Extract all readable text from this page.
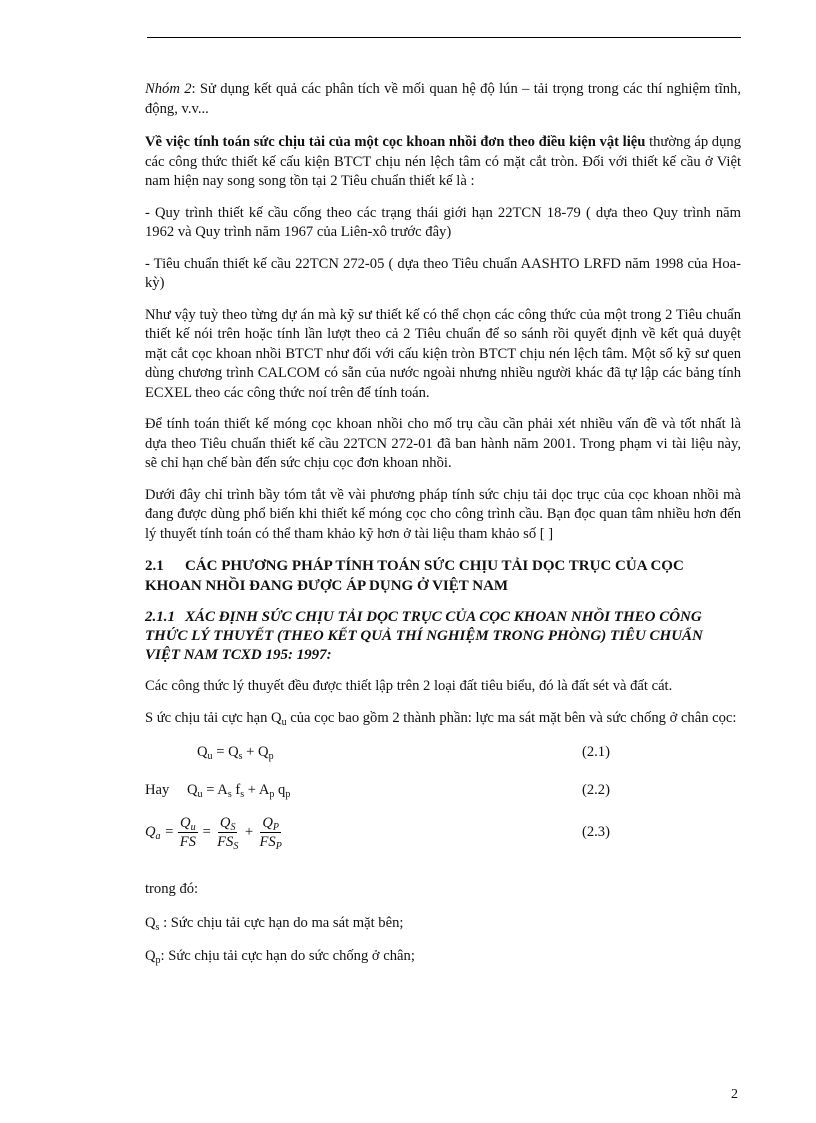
Nhóm 2: Sử dụng kết quả các phân tích về mối quan hệ độ lún – tải trọng trong các thí nghiệm tĩnh, động, v.v...

Về việc tính toán sức chịu tải của một cọc khoan nhồi đơn theo điều kiện vật liệu thường áp dụng các công thức thiết kế cấu kiện BTCT chịu nén lệch tâm có mặt cắt tròn. Đối với thiết kế cầu ở Việt nam hiện nay song song tồn tại 2 Tiêu chuẩn thiết kế là :

- Quy trình thiết kế cầu cống theo các trạng thái giới hạn 22TCN 18-79 ( dựa theo Quy trình năm 1962 và Quy trình năm 1967 của Liên-xô trước đây)

- Tiêu chuẩn thiết kế cầu 22TCN 272-05 ( dựa theo Tiêu chuẩn AASHTO LRFD năm 1998 của Hoa-kỳ)

Như vậy tuỳ theo từng dự án mà kỹ sư thiết kế có thể chọn các công thức của một trong 2 Tiêu chuẩn thiết kế nói trên hoặc tính lần lượt theo cả 2 Tiêu chuẩn để so sánh rồi quyết định về kết quả duyệt mặt cắt cọc khoan nhồi BTCT như đối với cấu kiện tròn BTCT chịu nén lệch tâm. Một số kỹ sư quen dùng chương trình CALCOM có sẵn của nước ngoài nhưng nhiều người khác đã tự lập các bảng tính ECXEL theo các công thức noí trên để tính toán.

Để tính toán thiết kế móng cọc khoan nhồi cho mố trụ cầu cần phải xét nhiều vấn đề và tốt nhất là dựa theo Tiêu chuẩn thiết kế cầu 22TCN 272-01 đã ban hành năm 2001. Trong phạm vi tài liệu này, sẽ chỉ hạn chế bàn đến sức chịu cọc đơn khoan nhồi.

Dưới đây chỉ trình bầy tóm tắt về vài phương pháp tính sức chịu tải dọc trục của cọc khoan nhồi mà đang được dùng phổ biến khi thiết kế móng cọc cho công trình cầu. Bạn đọc quan tâm nhiều hơn đến lý thuyết tính toán có thể tham khảo kỹ hơn ở tài liệu tham khảo số [ ]

2.1 CÁC PHƯƠNG PHÁP TÍNH TOÁN SỨC CHỊU TẢI DỌC TRỤC CỦA CỌC KHOAN NHỒI ĐANG ĐƯỢC ÁP DỤNG Ở VIỆT NAM
2.1.1 XÁC ĐỊNH SỨC CHỊU TẢI DỌC TRỤC CỦA CỌC KHOAN NHỒI THEO CÔNG THỨC LÝ THUYẾT (THEO KẾT QUẢ THÍ NGHIỆM TRONG PHÒNG) TIÊU CHUẨN VIỆT NAM TCXD 195: 1997:

Các công thức lý thuyết đều được thiết lập trên 2 loại đất tiêu biểu, đó là đất sét và đất cát.

S ức chịu tải cực hạn $Q_u$ của cọc bao gồm 2 thành phần: lực ma sát mặt bên và sức chống ở chân cọc:

$Q_u = Q_s + Q_p$	(2.1)
Hay $Q_u = A_s$ $f_s + A_p$ $q_p$	(2.2)
$Q_a = \frac{Q_u}{FS} = \frac{Q_S}{FS_S} + \frac{Q_P}{FS_P}$	(2.3)

trong đó:

$Q_s$ : Sức chịu tải cực hạn do ma sát mặt bên;

$Q_p$: Sức chịu tải cực hạn do sức chống ở chân;

2
